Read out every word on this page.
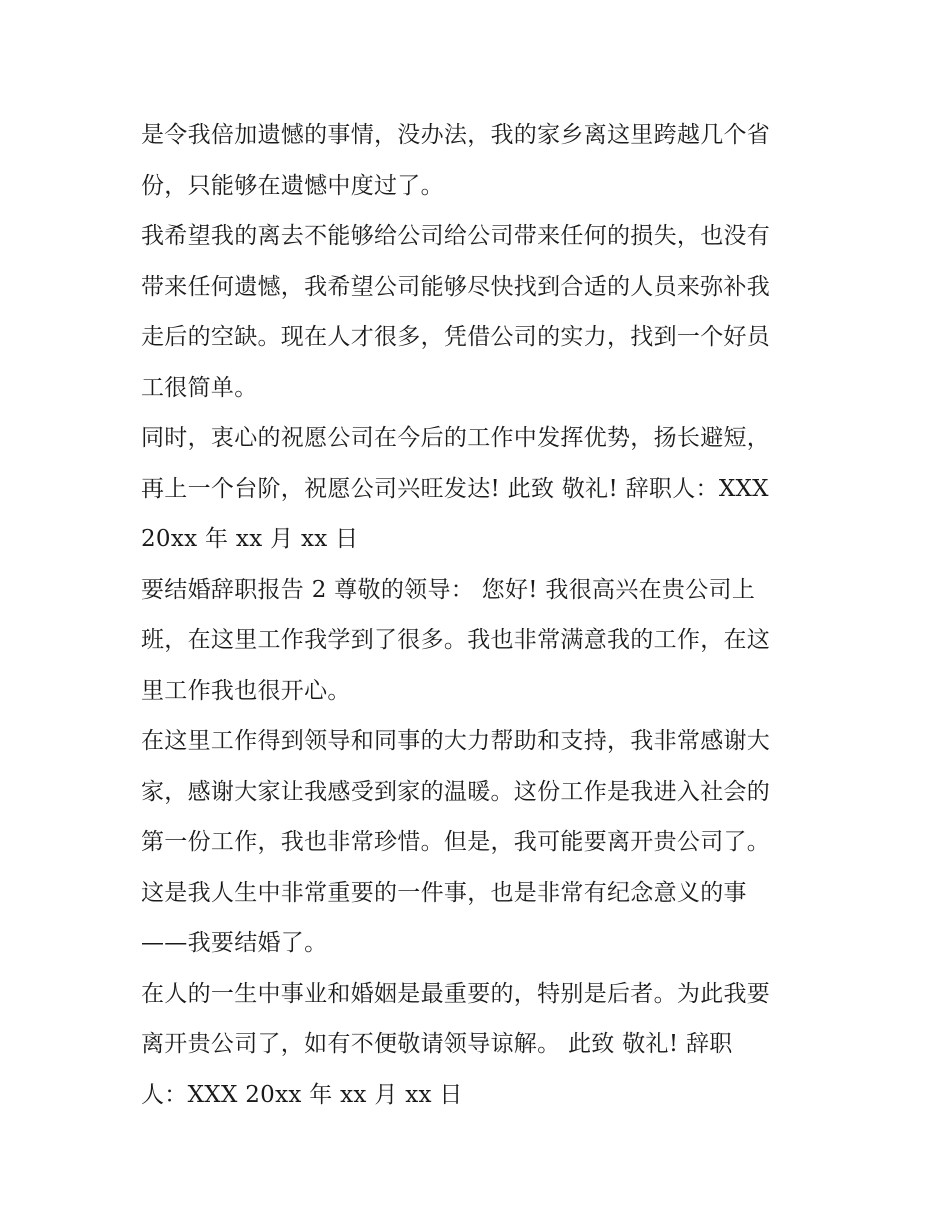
是令我倍加遗憾的事情，没办法，我的家乡离这里跨越几个省
份，只能够在遗憾中度过了。
我希望我的离去不能够给公司给公司带来任何的损失，也没有
带来任何遗憾，我希望公司能够尽快找到合适的人员来弥补我
走后的空缺。现在人才很多，凭借公司的实力，找到一个好员
工很简单。
同时，衷心的祝愿公司在今后的工作中发挥优势，扬长避短，
再上一个台阶，祝愿公司兴旺发达! 此致 敬礼! 辞职人：XXX
20xx 年 xx 月 xx 日
要结婚辞职报告 2 尊敬的领导： 您好! 我很高兴在贵公司上
班，在这里工作我学到了很多。我也非常满意我的工作，在这
里工作我也很开心。
在这里工作得到领导和同事的大力帮助和支持，我非常感谢大
家，感谢大家让我感受到家的温暖。这份工作是我进入社会的
第一份工作，我也非常珍惜。但是，我可能要离开贵公司了。
这是我人生中非常重要的一件事，也是非常有纪念意义的事
——我要结婚了。
在人的一生中事业和婚姻是最重要的，特别是后者。为此我要
离开贵公司了，如有不便敬请领导谅解。 此致 敬礼! 辞职
人：XXX 20xx 年 xx 月 xx 日
